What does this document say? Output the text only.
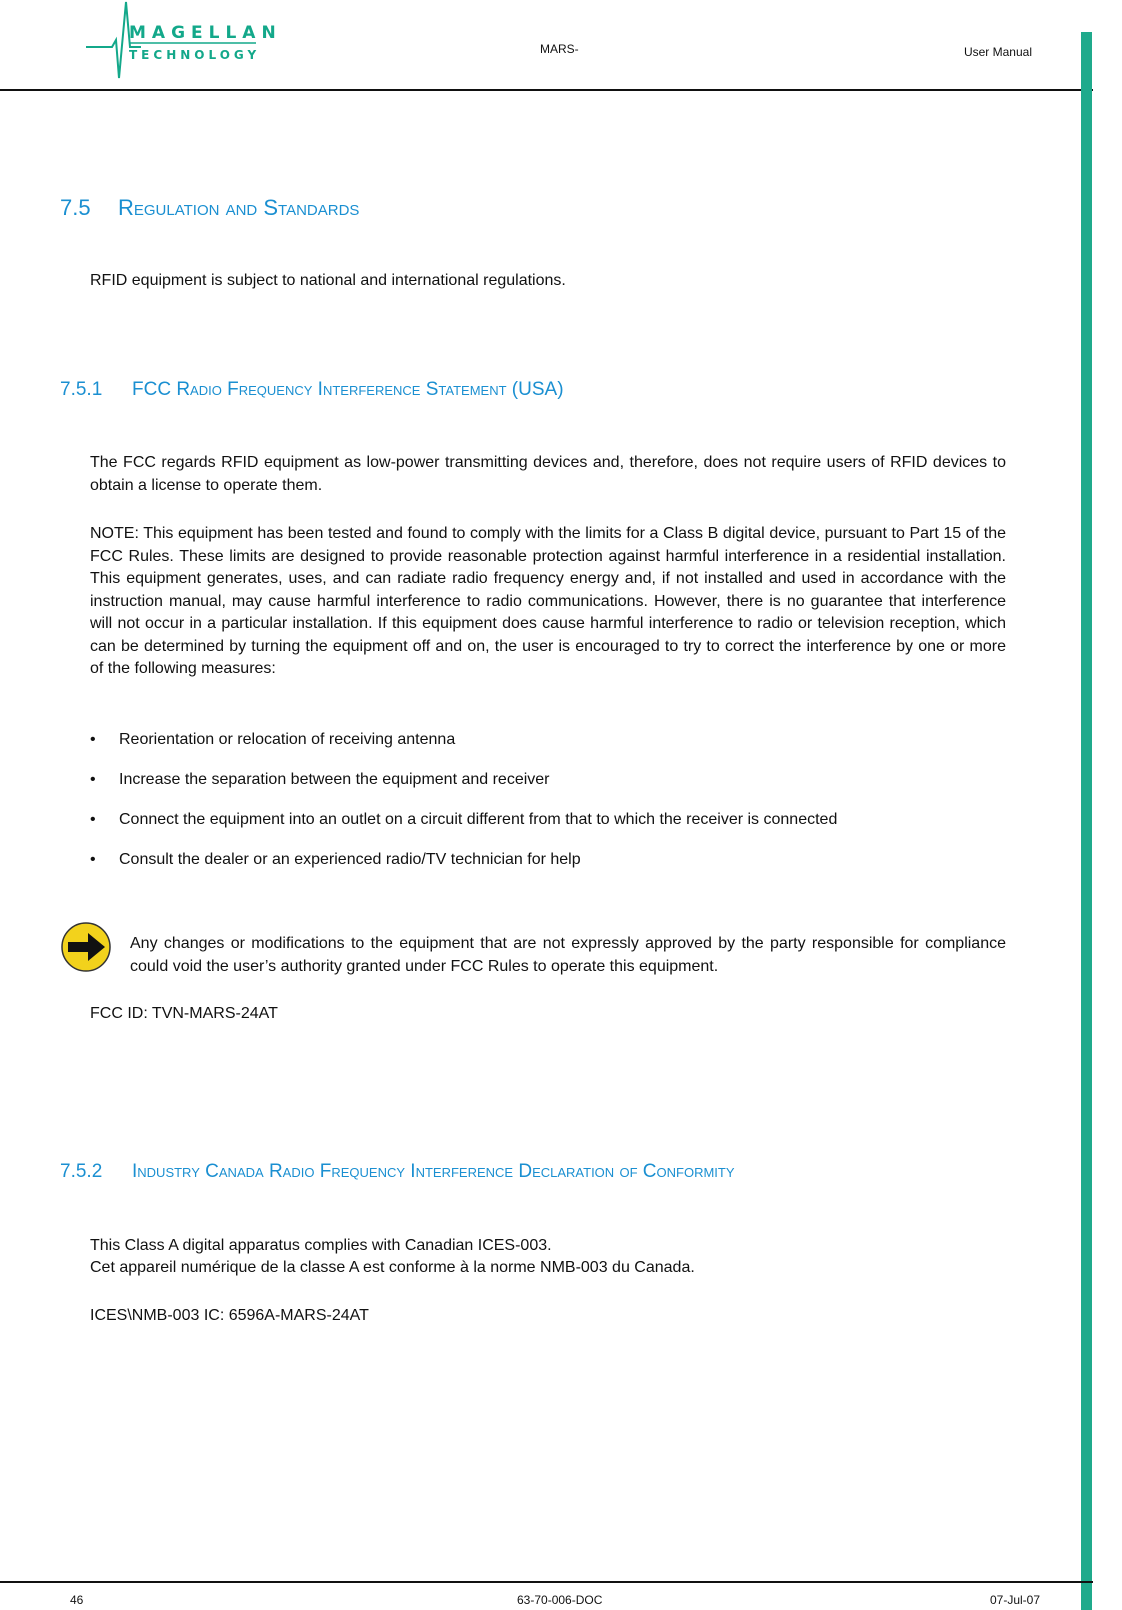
MAGELLAN
TECHNOLOGY	MARS-	User Manual
7.5 Regulation and Standards

RFID equipment is subject to national and international regulations.

7.5.1 FCC Radio Frequency Interference Statement (USA)

The FCC regards RFID equipment as low-power transmitting devices and, therefore, does not require users of RFID devices to obtain a license to operate them.

NOTE: This equipment has been tested and found to comply with the limits for a Class B digital device, pursuant to Part 15 of the FCC Rules. These limits are designed to provide reasonable protection against harmful interference in a residential installation. This equipment generates, uses, and can radiate radio frequency energy and, if not installed and used in accordance with the instruction manual, may cause harmful interference to radio communications. However, there is no guarantee that interference will not occur in a particular installation. If this equipment does cause harmful interference to radio or television reception, which can be determined by turning the equipment off and on, the user is encouraged to try to correct the interference by one or more of the following measures:

• Reorientation or relocation of receiving antenna
• Increase the separation between the equipment and receiver
• Connect the equipment into an outlet on a circuit different from that to which the receiver is connected
• Consult the dealer or an experienced radio/TV technician for help

Any changes or modifications to the equipment that are not expressly approved by the party responsible for compliance could void the user’s authority granted under FCC Rules to operate this equipment.

FCC ID: TVN-MARS-24AT

7.5.2 Industry Canada Radio Frequency Interference Declaration of Conformity

This Class A digital apparatus complies with Canadian ICES-003.

Cet appareil numérique de la classe A est conforme à la norme NMB-003 du Canada.

ICES\NMB-003 IC: 6596A-MARS-24AT

46	63-70-006-DOC	07-Jul-07
